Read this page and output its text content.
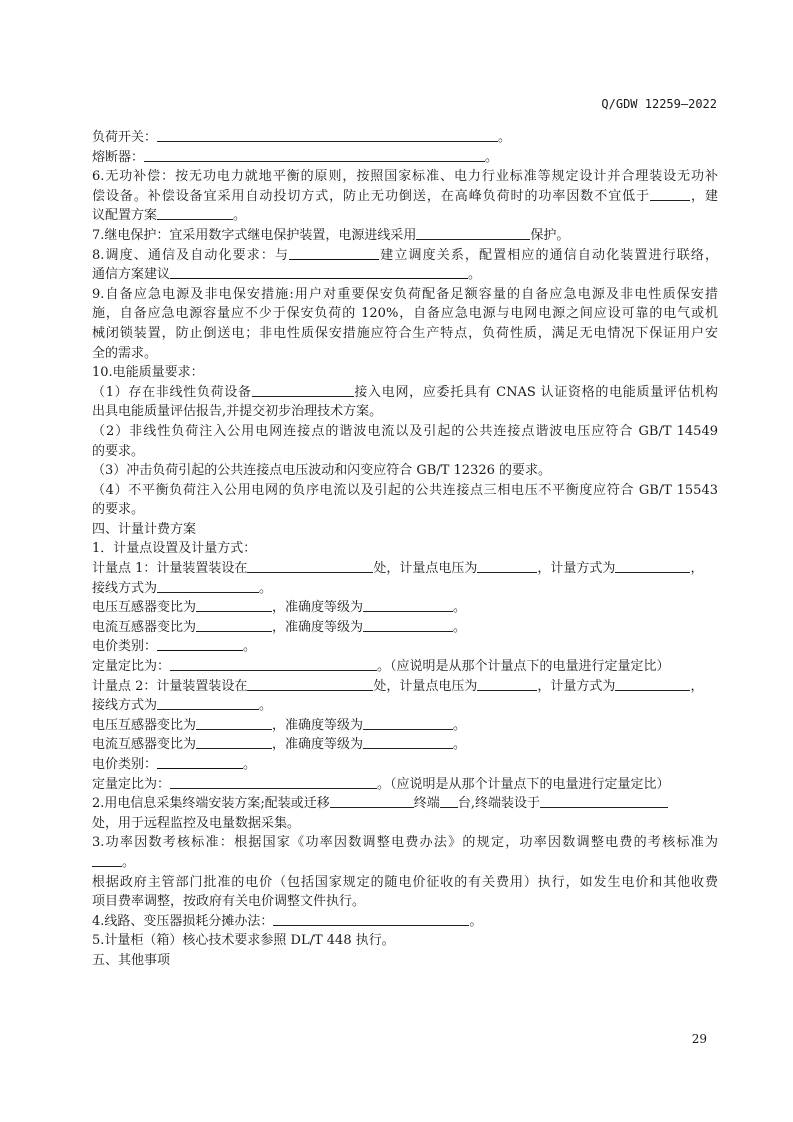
Q/GDW 12259—2022
负荷开关：	。
熔断器：	。
6.无功补偿：按无功电力就地平衡的原则，按照国家标准、电力行业标准等规定设计并合理装设无功补
偿设备。补偿设备宜采用自动投切方式，防止无功倒送，在高峰负荷时的功率因数不宜低于	，建
议配置方案	。
7.继电保护：宜采用数字式继电保护装置，电源进线采用	保护。
8.调度、通信及自动化要求：与	建立调度关系，配置相应的通信自动化装置进行联络，
通信方案建议	。
9.自备应急电源及非电保安措施:用户对重要保安负荷配备足额容量的自备应急电源及非电性质保安措
施，自备应急电源容量应不少于保安负荷的 120%，自备应急电源与电网电源之间应设可靠的电气或机
械闭锁装置，防止倒送电；非电性质保安措施应符合生产特点，负荷性质，满足无电情况下保证用户安
全的需求。
10.电能质量要求：
（1）存在非线性负荷设备	接入电网，应委托具有 CNAS 认证资格的电能质量评估机构
出具电能质量评估报告,并提交初步治理技术方案。
（2）非线性负荷注入公用电网连接点的谐波电流以及引起的公共连接点谐波电压应符合 GB/T 14549
的要求。
（3）冲击负荷引起的公共连接点电压波动和闪变应符合 GB/T 12326 的要求。
（4）不平衡负荷注入公用电网的负序电流以及引起的公共连接点三相电压不平衡度应符合 GB/T 15543
的要求。
四、计量计费方案
1．计量点设置及计量方式：
计量点 1：计量装置装设在	处，计量点电压为	，计量方式为	，
接线方式为	。
电压互感器变比为	，准确度等级为	。
电流互感器变比为	，准确度等级为	。
电价类别：	。
定量定比为：	。（应说明是从那个计量点下的电量进行定量定比）
计量点 2：计量装置装设在	处，计量点电压为	，计量方式为	，
接线方式为	。
电压互感器变比为	，准确度等级为	。
电流互感器变比为	，准确度等级为	。
电价类别：	。
定量定比为：	。（应说明是从那个计量点下的电量进行定量定比）
2.用电信息采集终端安装方案;配装或迁移	终端 台,终端装设于
处，用于远程监控及电量数据采集。
3.功率因数考核标准：根据国家《功率因数调整电费办法》的规定，功率因数调整电费的考核标准为
。
根据政府主管部门批准的电价（包括国家规定的随电价征收的有关费用）执行，如发生电价和其他收费
项目费率调整，按政府有关电价调整文件执行。
4.线路、变压器损耗分摊办法：	。
5.计量柜（箱）核心技术要求参照 DL/T 448 执行。
五、其他事项
29
